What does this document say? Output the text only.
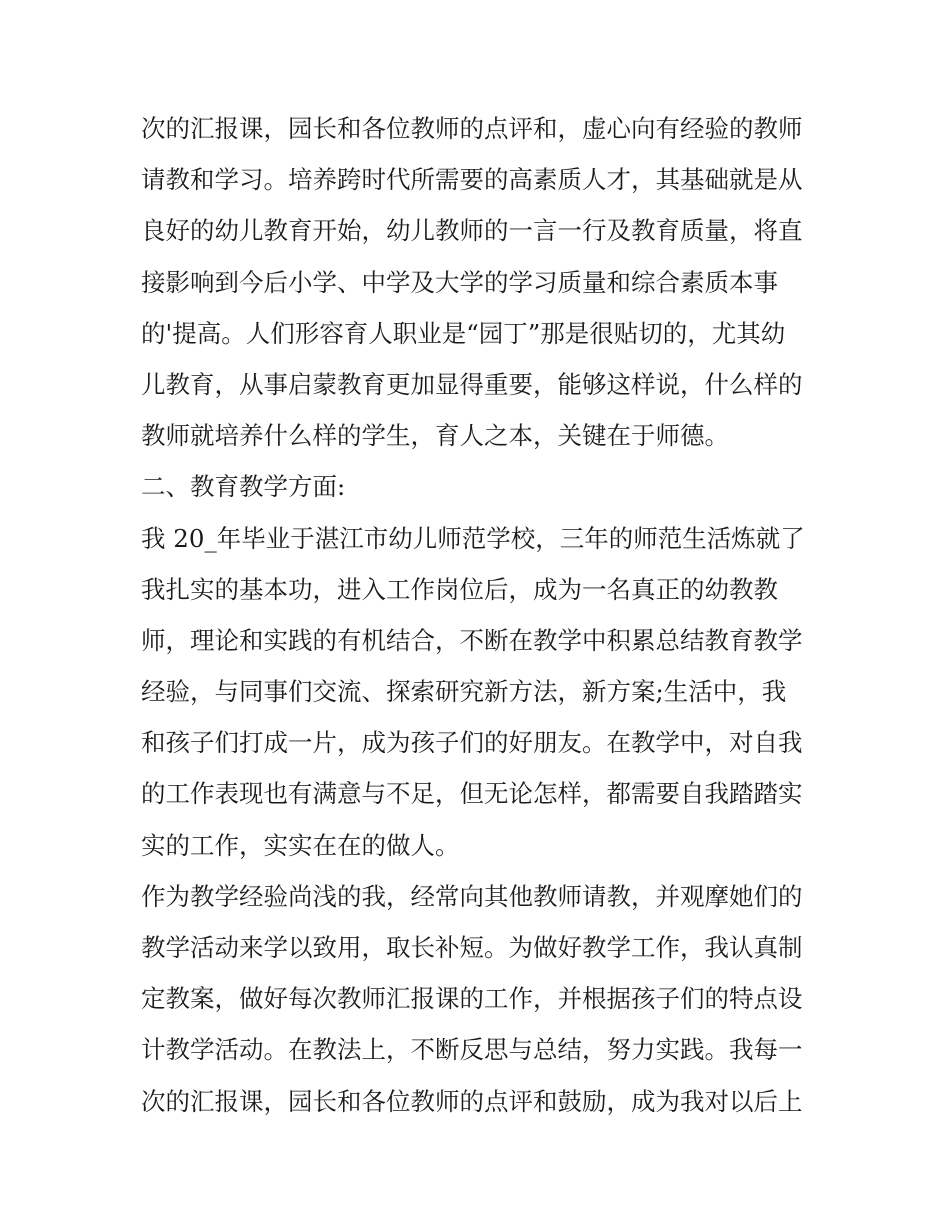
次的汇报课，园长和各位教师的点评和，虚心向有经验的教师
请教和学习。培养跨时代所需要的高素质人才，其基础就是从
良好的幼儿教育开始，幼儿教师的一言一行及教育质量，将直
接影响到今后小学、中学及大学的学习质量和综合素质本事
的'提高。人们形容育人职业是“园丁”那是很贴切的，尤其幼
儿教育，从事启蒙教育更加显得重要，能够这样说，什么样的
教师就培养什么样的学生，育人之本，关键在于师德。
二、教育教学方面:
我 20_年毕业于湛江市幼儿师范学校，三年的师范生活炼就了
我扎实的基本功，进入工作岗位后，成为一名真正的幼教教
师，理论和实践的有机结合，不断在教学中积累总结教育教学
经验，与同事们交流、探索研究新方法，新方案;生活中，我
和孩子们打成一片，成为孩子们的好朋友。在教学中，对自我
的工作表现也有满意与不足，但无论怎样，都需要自我踏踏实
实的工作，实实在在的做人。
作为教学经验尚浅的我，经常向其他教师请教，并观摩她们的
教学活动来学以致用，取长补短。为做好教学工作，我认真制
定教案，做好每次教师汇报课的工作，并根据孩子们的特点设
计教学活动。在教法上，不断反思与总结，努力实践。我每一
次的汇报课，园长和各位教师的点评和鼓励，成为我对以后上
